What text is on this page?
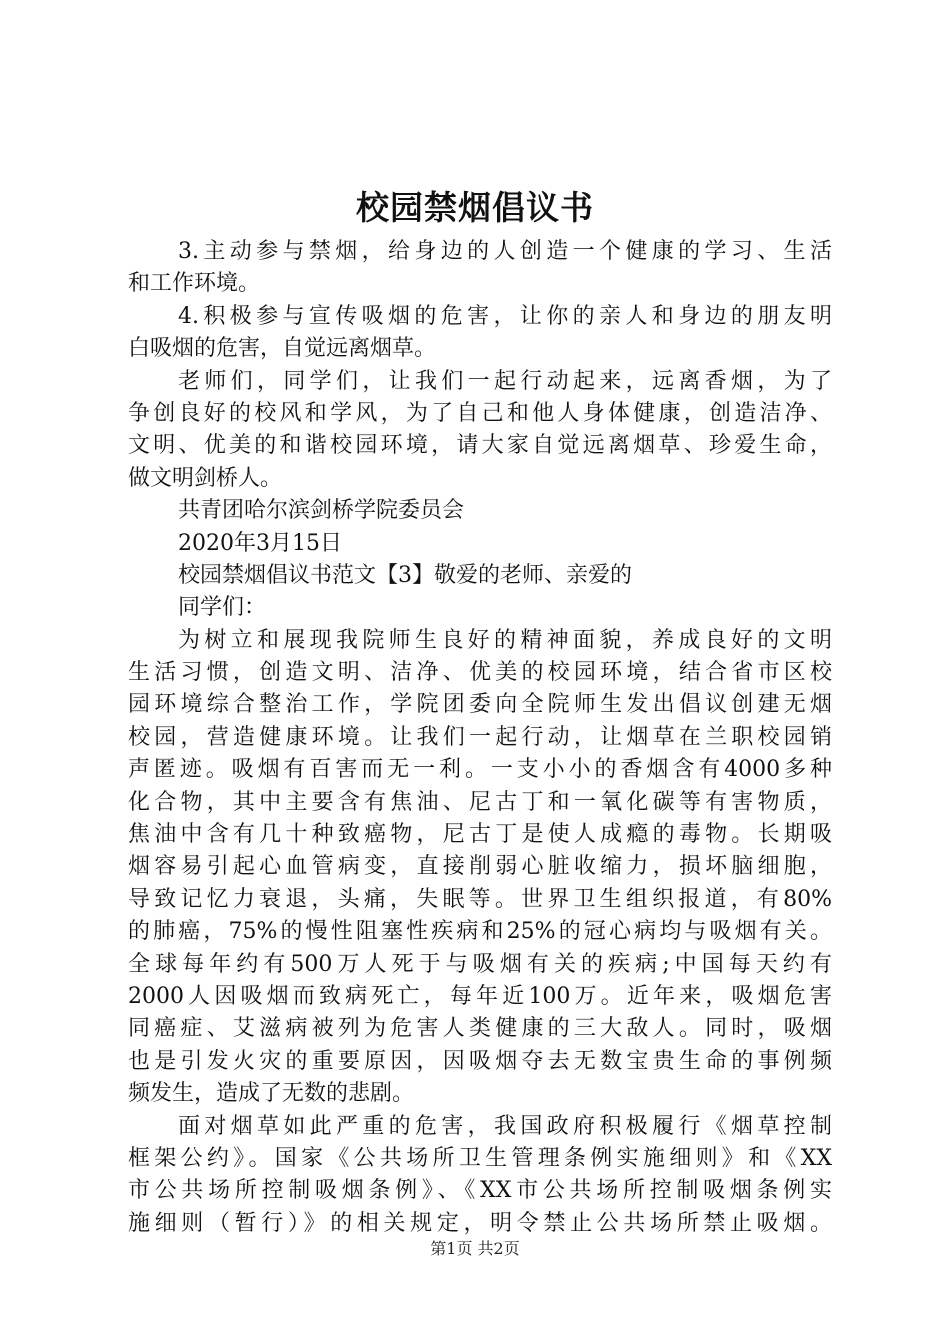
校园禁烟倡议书
3.主动参与禁烟，给身边的人创造一个健康的学习、生活
和工作环境。
4.积极参与宣传吸烟的危害，让你的亲人和身边的朋友明
白吸烟的危害，自觉远离烟草。
老师们，同学们，让我们一起行动起来，远离香烟，为了
争创良好的校风和学风，为了自己和他人身体健康，创造洁净、
文明、优美的和谐校园环境，请大家自觉远离烟草、珍爱生命，
做文明剑桥人。
共青团哈尔滨剑桥学院委员会
2020年3月15日
校园禁烟倡议书范文【3】敬爱的老师、亲爱的
同学们：
为树立和展现我院师生良好的精神面貌，养成良好的文明
生活习惯，创造文明、洁净、优美的校园环境，结合省市区校
园环境综合整治工作，学院团委向全院师生发出倡议创建无烟
校园，营造健康环境。让我们一起行动，让烟草在兰职校园销
声匿迹。吸烟有百害而无一利。一支小小的香烟含有4000多种
化合物，其中主要含有焦油、尼古丁和一氧化碳等有害物质，
焦油中含有几十种致癌物，尼古丁是使人成瘾的毒物。长期吸
烟容易引起心血管病变，直接削弱心脏收缩力，损坏脑细胞，
导致记忆力衰退，头痛，失眠等。世界卫生组织报道，有80%
的肺癌，75%的慢性阻塞性疾病和25%的冠心病均与吸烟有关。
全球每年约有500万人死于与吸烟有关的疾病;中国每天约有
2000人因吸烟而致病死亡，每年近100万。近年来，吸烟危害
同癌症、艾滋病被列为危害人类健康的三大敌人。同时，吸烟
也是引发火灾的重要原因，因吸烟夺去无数宝贵生命的事例频
频发生，造成了无数的悲剧。
面对烟草如此严重的危害，我国政府积极履行《烟草控制
框架公约》。国家《公共场所卫生管理条例实施细则》和《XX
市公共场所控制吸烟条例》、《XX市公共场所控制吸烟条例实
施细则（暂行）》的相关规定，明令禁止公共场所禁止吸烟。
第1页 共2页
